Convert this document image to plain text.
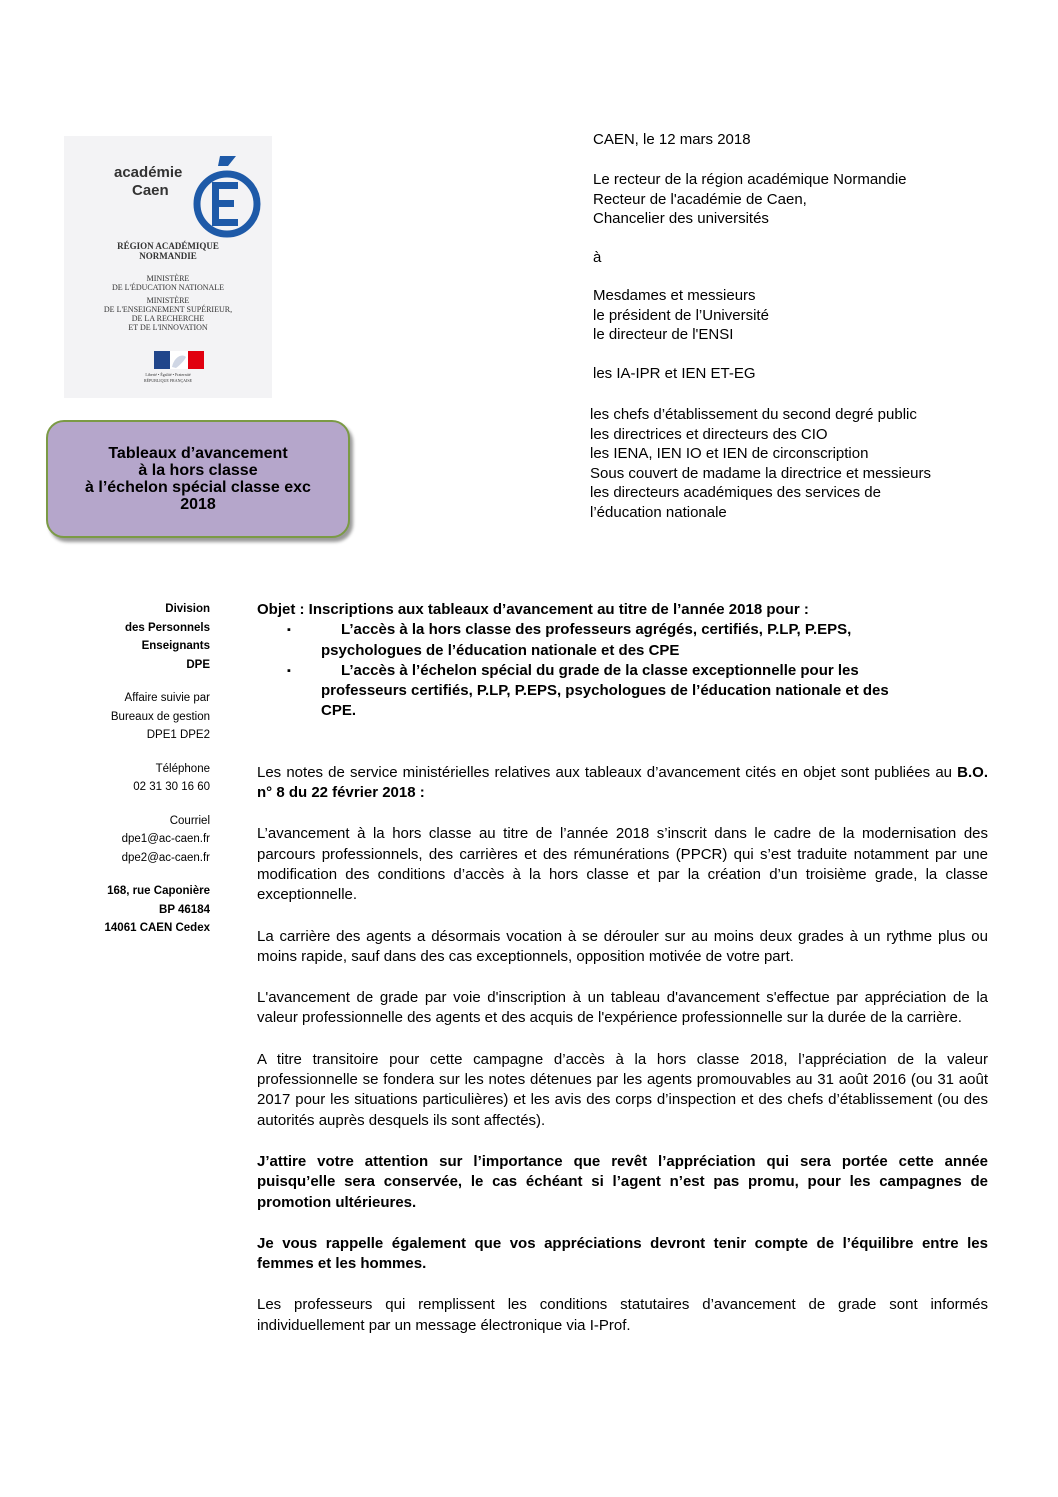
académie
Caen
RÉGION ACADÉMIQUE
NORMANDIE
MINISTÈRE
DE L'ÉDUCATION NATIONALE
MINISTÈRE
DE L'ENSEIGNEMENT SUPÉRIEUR,
DE LA RECHERCHE
ET DE L'INNOVATION
Liberté • Égalité • Fraternité
RÉPUBLIQUE FRANÇAISE
Tableaux d’avancement
à la hors classe
à l’échelon spécial classe exc
2018
CAEN, le 12 mars 2018
Le recteur de la région académique Normandie
Recteur de l'académie de Caen,
Chancelier des universités
à
Mesdames et messieurs
le président de l’Université
le directeur de l'ENSI
les IA-IPR et IEN ET-EG
les chefs d’établissement du second degré public
les directrices et directeurs des CIO
les IENA, IEN IO et IEN de circonscription
Sous couvert de madame la directrice et messieurs
les directeurs académiques des services de
l’éducation nationale
Division
des Personnels
Enseignants
DPE
Affaire suivie par
Bureaux de gestion
DPE1 DPE2
Téléphone
02 31 30 16 60
Courriel
dpe1@ac-caen.fr
dpe2@ac-caen.fr
168, rue Caponière
BP 46184
14061 CAEN Cedex
Objet : Inscriptions aux tableaux d’avancement au titre de l’année 2018 pour :
▪	L’accès à la hors classe des professeurs agrégés, certifiés, P.LP, P.EPS,
psychologues de l’éducation nationale et des CPE
▪	L’accès à l’échelon spécial du grade de la classe exceptionnelle pour les
professeurs certifiés, P.LP, P.EPS, psychologues de l’éducation nationale et des
CPE.

Les notes de service ministérielles relatives aux tableaux d’avancement cités en objet sont publiées au B.O. n° 8 du 22 février 2018 :

L’avancement à la hors classe au titre de l’année 2018 s’inscrit dans le cadre de la modernisation des parcours professionnels, des carrières et des rémunérations (PPCR) qui s’est traduite notamment par une modification des conditions d’accès à la hors classe et par la création d’un troisième grade, la classe exceptionnelle.

La carrière des agents a désormais vocation à se dérouler sur au moins deux grades à un rythme plus ou moins rapide, sauf dans des cas exceptionnels, opposition motivée de votre part.

L'avancement de grade par voie d'inscription à un tableau d'avancement s'effectue par appréciation de la valeur professionnelle des agents et des acquis de l'expérience professionnelle sur la durée de la carrière.

A titre transitoire pour cette campagne d’accès à la hors classe 2018, l’appréciation de la valeur professionnelle se fondera sur les notes détenues par les agents promouvables au 31 août 2016 (ou 31 août 2017 pour les situations particulières) et les avis des corps d’inspection et des chefs d’établissement (ou des autorités auprès desquels ils sont affectés).

J’attire votre attention sur l’importance que revêt l’appréciation qui sera portée cette année puisqu’elle sera conservée, le cas échéant si l’agent n’est pas promu, pour les campagnes de promotion ultérieures.

Je vous rappelle également que vos appréciations devront tenir compte de l’équilibre entre les femmes et les hommes.

Les professeurs qui remplissent les conditions statutaires d’avancement de grade sont informés individuellement par un message électronique via I-Prof.
